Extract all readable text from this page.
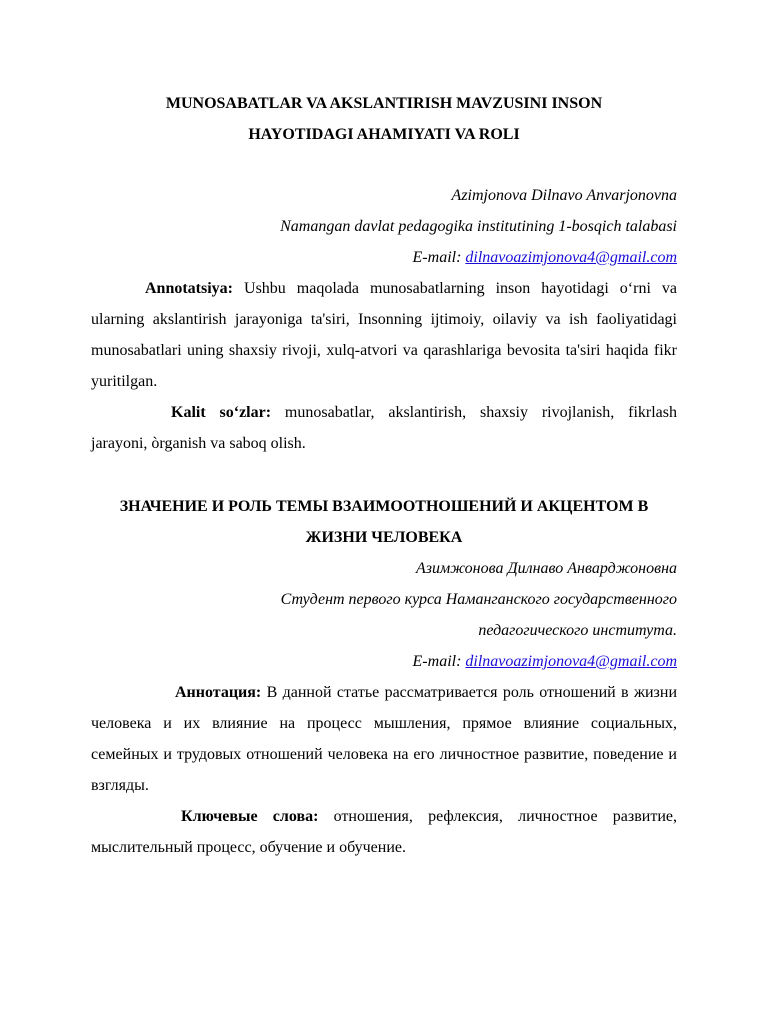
MUNOSABATLAR VA AKSLANTIRISH MAVZUSINI INSON

HAYOTIDAGI AHAMIYATI VA ROLI

Azimjonova Dilnavo Anvarjonovna

Namangan davlat pedagogika institutining 1-bosqich talabasi

E-mail: dilnavoazimjonova4@gmail.com

Annotatsiya: Ushbu maqolada munosabatlarning inson hayotidagi o‘rni va ularning akslantirish jarayoniga ta'siri, Insonning ijtimoiy, oilaviy va ish faoliyatidagi munosabatlari uning shaxsiy rivoji, xulq-atvori va qarashlariga bevosita ta'siri haqida fikr yuritilgan.

Kalit so‘zlar: munosabatlar, akslantirish, shaxsiy rivojlanish, fikrlash jarayoni, òrganish va saboq olish.

ЗНАЧЕНИЕ И РОЛЬ ТЕМЫ ВЗАИМООТНОШЕНИЙ И АКЦЕНТОМ В

ЖИЗНИ ЧЕЛОВЕКА

Азимжонова Дилнаво Анварджоновна

Студент первого курса Наманганского государственного

педагогического института.

E-mail: dilnavoazimjonova4@gmail.com

Аннотация: В данной статье рассматривается роль отношений в жизни человека и их влияние на процесс мышления, прямое влияние социальных, семейных и трудовых отношений человека на его личностное развитие, поведение и взгляды.

Ключевые слова: отношения, рефлексия, личностное развитие, мыслительный процесс, обучение и обучение.
